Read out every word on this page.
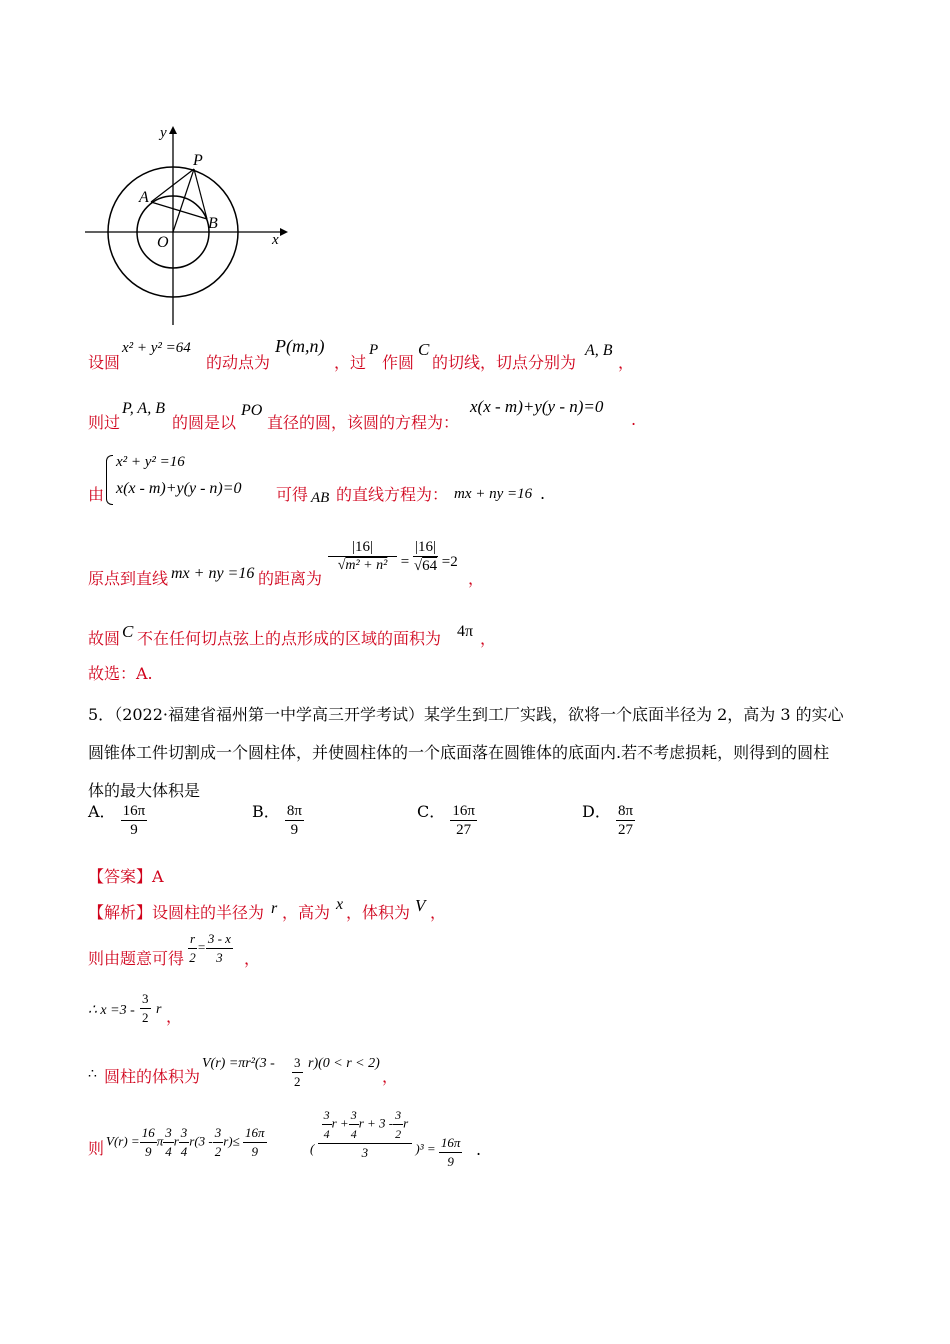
y
P
A
B
O	x
设圆
x² + y² =64
的动点为
P(m,n)
，过
P
作圆
C
的切线，切点分别为
A, B
，
则过
P, A, B
的圆是以
PO
直径的圆，该圆的方程为：
x(x - m)+y(y - n)=0
.
由
x² + y² =16
x(x - m)+y(y - n)=0 可得 AB 的直线方程为： mx + ny =16 .
原点到直线 mx + ny =16 的距离为
$\frac{|16|}{\text{√m² + n²}} = \frac{|16|}{√64} =2$
，
故圆 C 不在任何切点弦上的点形成的区域的面积为 4π ，
故选：A.
5．（2022·福建省福州第一中学高三开学考试）某学生到工厂实践，欲将一个底面半径为 2，高为 3 的实心
圆锥体工件切割成一个圆柱体，并使圆柱体的一个底面落在圆锥体的底面内.若不考虑损耗，则得到的圆柱
体的最大体积是
A． $\frac{16\pi}{9}$	B． $\frac{8\pi}{9}$	C． $\frac{16\pi}{27}$	D． $\frac{8\pi}{27}$
【答案】A
【解析】 设圆柱的半径为 r ，高为 x ，体积为 V ，
则由题意可得 $\frac{r}{2} = \frac{3 - x}{3}$ ，
∴ $x =3 - \frac{3}{2}$ r ，
∴ 圆柱的体积为
$V(r) =\pi r^2(3 - \frac{3}{2} r)(0 < r < 2)$
，
则 $V(r) = \frac{16}{9}$ π $\frac{3}{4}$ r $\frac{3}{4} r(3 - \frac{3}{2} r)\le \frac{16\pi}{9}$	( $\frac{\frac{3}{4} r + \frac{3}{4} r + 3 - \frac{3}{2} r}{3} )^3 = \frac{16\pi}{9}$ .
